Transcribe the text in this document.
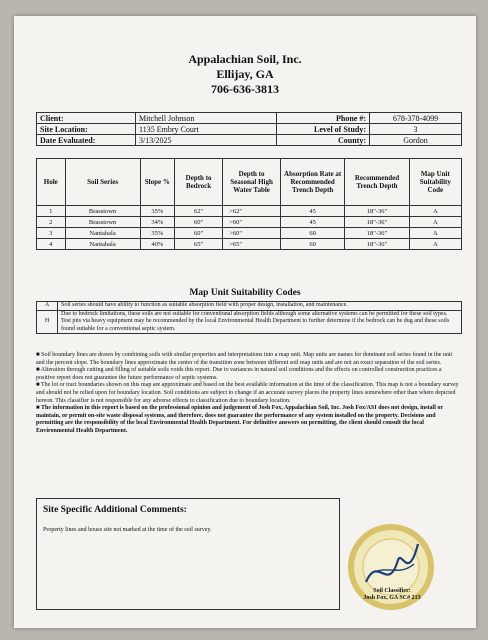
Appalachian Soil, Inc.
Ellijay, GA
706-636-3813
Client:	Mitchell Johnson	Phone #:	678-378-4099
Site Location:	1135 Embry Court	Level of Study:	3
Date Evaluated:	3/13/2025	County:	Gordon
Hole	Soil Series	Slope %	Depth to Bedrock	Depth to Seasonal High Water Table	Absorption Rate at Recommended Trench Depth	Recommended Trench Depth	Map Unit Suitability Code
1	Brasstown	35%	62"	>62"	45	18"-36"	A
2	Brasstown	34%	60"	>60"	45	18"-36"	A
3	Nantahala	35%	60"	>60"	60	18"-36"	A
4	Nantahala	40%	65"	>65"	60	18"-36"	A
Map Unit Suitability Codes
A	Soil series should have ability to function as suitable absorption field with proper design, installation, and maintenance.
H	Due to bedrock limitations, these soils are not suitable for conventional absorption fields although some alternative systems can be permitted for these soil types. Test pits via heavy equipment may be recommended by the local Environmental Health Department to further determine if the bedrock can be dug and these soils found suitable for a conventional septic system.

■ Soil boundary lines are drawn by combining soils with similar properties and interpretations into a map unit. Map units are names for dominant soil series found in the unit and the percent slope. The boundary lines approximate the center of the transition zone between different soil map units and are not an exact separation of the soil series.

■ Alteration through cutting and filling of suitable soils voids this report. Due to variances in natural soil conditions and the effects on controlled construction practices a positive report does not guarantee the future performance of septic systems.

■ The lot or tract boundaries shown on this map are approximate and based on the best available information at the time of the classification. This map is not a boundary survey and should not be relied upon for boundary location. Soil conditions are subject to change if an accurate survey places the property lines somewhere other than where depicted hereon. This classifier is not responsible for any adverse effects to classification due to boundary location.

■ The information in this report is based on the professional opinion and judgement of Josh Fox, Appalachian Soil, Inc. Josh Fox/ASI does not design, install or maintain, or permit on-site waste disposal systems, and therefore, does not guarantee the performance of any system installed on the property. Decisions and permitting are the responsibility of the local Environmental Health Department. For definitive answers on permitting, the client should consult the local Environmental Health Department.

Site Specific Additional Comments:
Property lines and house site not marked at the time of the soil survey.
Soil Classifier:
Josh Fox, GA SC# 213
